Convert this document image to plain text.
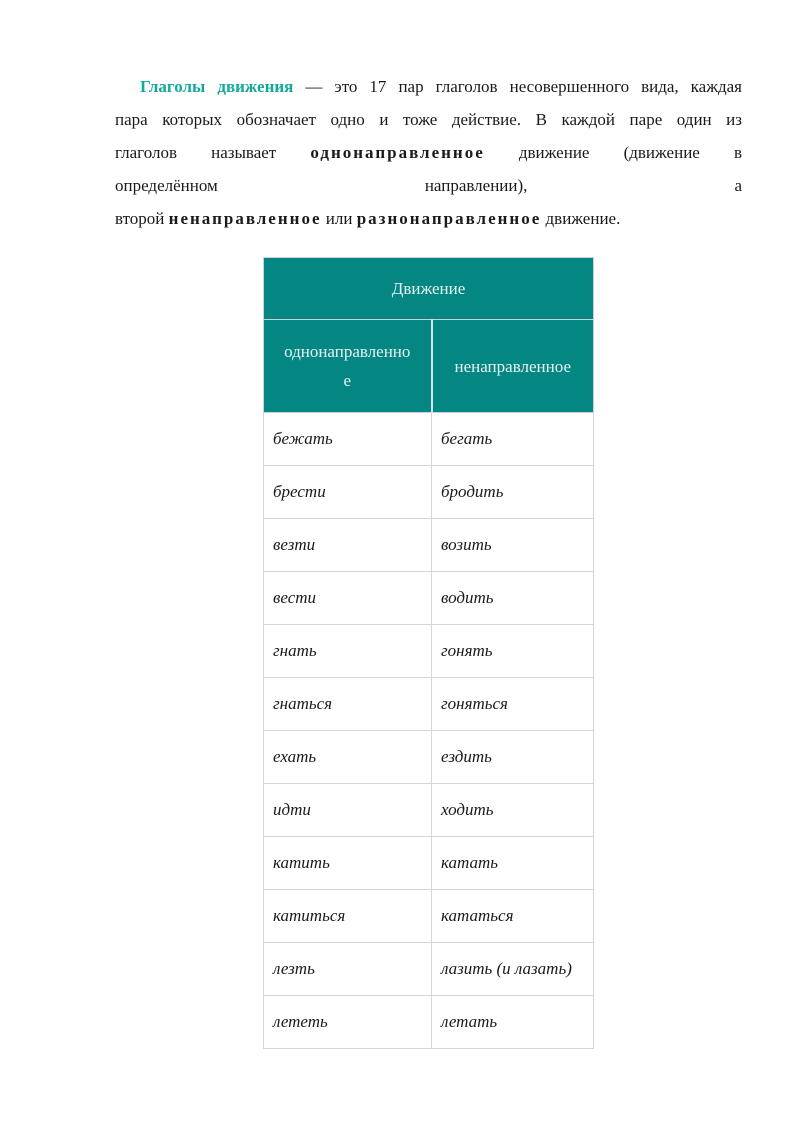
Глаголы движения — это 17 пар глаголов несовершенного вида, каждая

пара которых обозначает одно и тоже действие. В каждой паре один из

глаголов называет однонаправленное движение (движение в

определённом	направлении),	а

второй ненаправленное или разнонаправленное движение.

Движение	
однонаправленно
е	ненаправленное
бежать	бегать
брести	бродить
везти	возить
вести	водить
гнать	гонять
гнаться	гоняться
ехать	ездить
идти	ходить
катить	катать
катиться	кататься
лезть	лазить (и лазать)
лететь	летать
